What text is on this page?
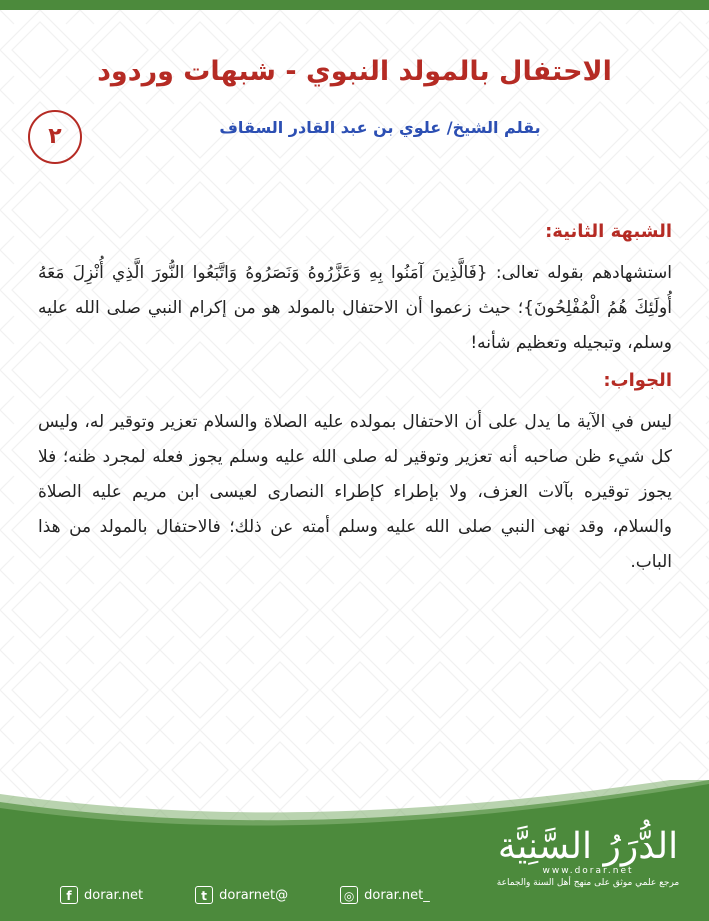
الاحتفال بالمولد النبوي - شبهات وردود
بقلم الشيخ/ علوي بن عبد القادر السقاف
٢
الشبهة الثانية:
استشهادهم بقوله تعالى: {فَالَّذِينَ آمَنُوا بِهِ وَعَزَّرُوهُ وَنَصَرُوهُ وَاتَّبَعُوا النُّورَ الَّذِي أُنْزِلَ مَعَهُ أُولَئِكَ هُمُ الْمُفْلِحُونَ}؛ حيث زعموا أن الاحتفال بالمولد هو من إكرام النبي صلى الله عليه وسلم، وتبجيله وتعظيم شأنه!
الجواب:
ليس في الآية ما يدل على أن الاحتفال بمولده عليه الصلاة والسلام تعزير وتوقير له، وليس كل شيء ظن صاحبه أنه تعزير وتوقير له صلى الله عليه وسلم يجوز فعله لمجرد ظنه؛ فلا يجوز توقيره بآلات العزف، ولا بإطراء كإطراء النصارى لعيسى ابن مريم عليه الصلاة والسلام، وقد نهى النبي صلى الله عليه وسلم أمته عن ذلك؛ فالاحتفال بالمولد من هذا الباب.
f dorar.net	t dorarnet@	◎ dorar.net_
الدُّرَرُ السَّنِيَّة
www.dorar.net
مرجع علمي موثق على منهج أهل السنة والجماعة
